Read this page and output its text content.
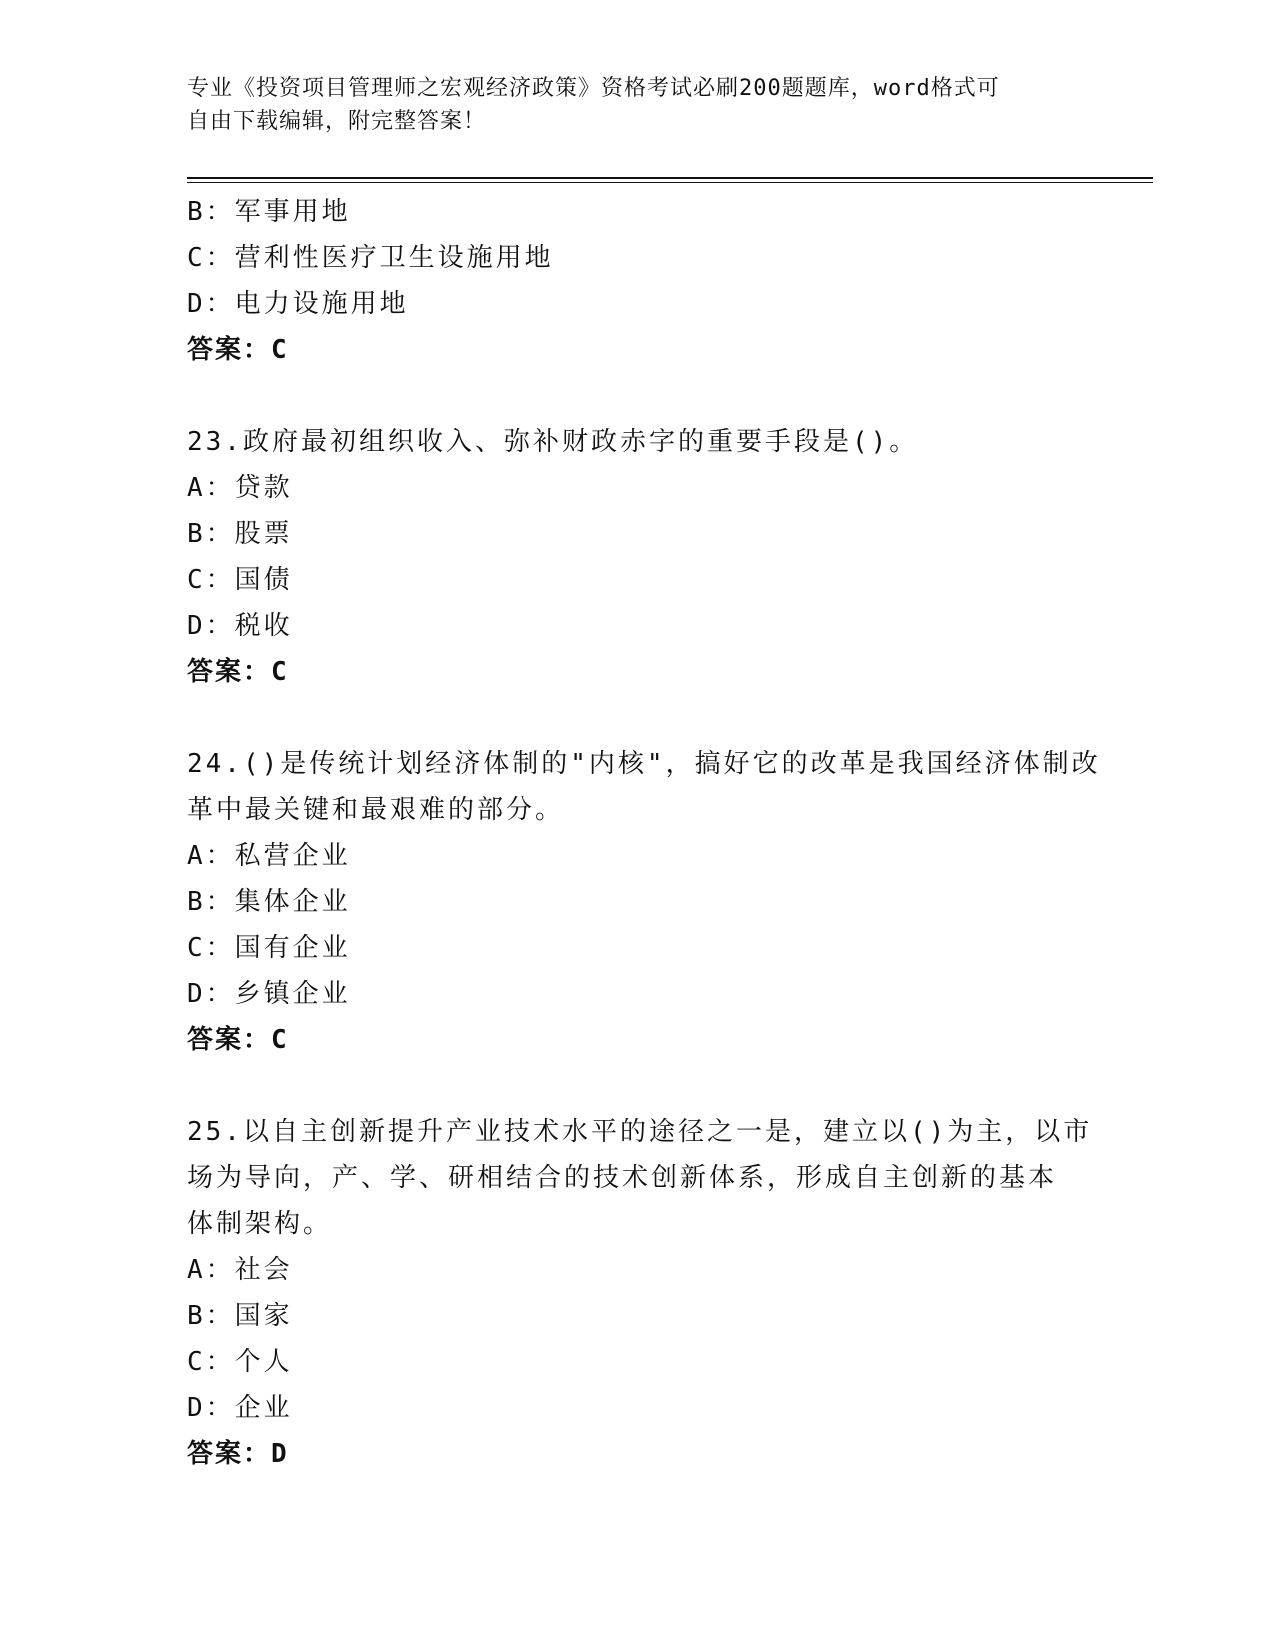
专业《投资项目管理师之宏观经济政策》资格考试必刷200题题库，word格式可
自由下载编辑，附完整答案！
B：军事用地
C：营利性医疗卫生设施用地
D：电力设施用地
答案：C
23.政府最初组织收入、弥补财政赤字的重要手段是()。
A：贷款
B：股票
C：国债
D：税收
答案：C
24.()是传统计划经济体制的"内核"，搞好它的改革是我国经济体制改
革中最关键和最艰难的部分。
A：私营企业
B：集体企业
C：国有企业
D：乡镇企业
答案：C
25.以自主创新提升产业技术水平的途径之一是，建立以()为主，以市
场为导向，产、学、研相结合的技术创新体系，形成自主创新的基本
体制架构。
A：社会
B：国家
C：个人
D：企业
答案：D
